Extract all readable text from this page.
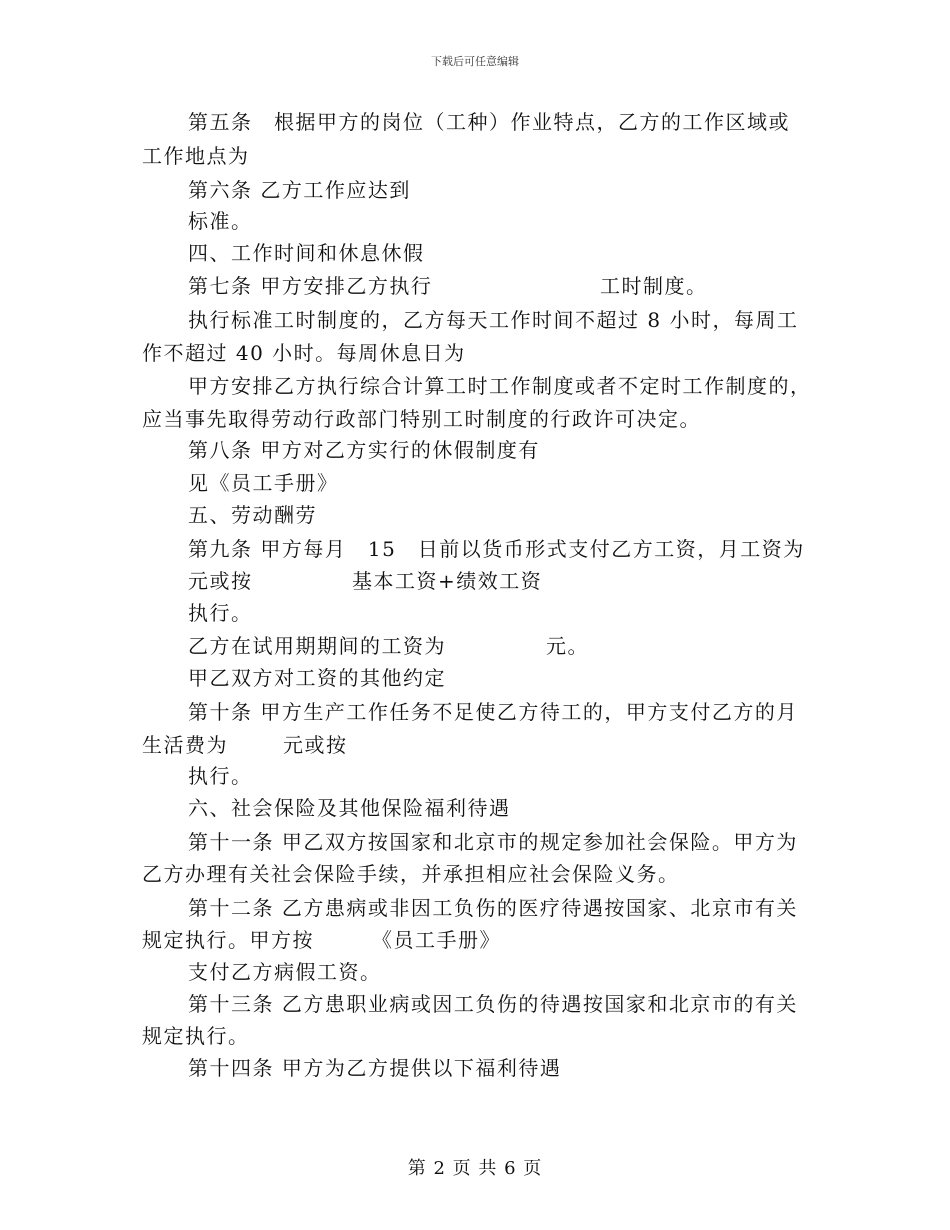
下载后可任意编辑
第五条　根据甲方的岗位（工种）作业特点，乙方的工作区域或
工作地点为
第六条 乙方工作应达到
标准。
四、工作时间和休息休假
第七条 甲方安排乙方执行	工时制度。
执行标准工时制度的，乙方每天工作时间不超过 8 小时，每周工
作不超过 40 小时。每周休息日为
甲方安排乙方执行综合计算工时工作制度或者不定时工作制度的，
应当事先取得劳动行政部门特别工时制度的行政许可决定。
第八条 甲方对乙方实行的休假制度有
见《员工手册》
五、劳动酬劳
第九条 甲方每月　15　日前以货币形式支付乙方工资，月工资为
元或按	基本工资+绩效工资
执行。
乙方在试用期期间的工资为	元。
甲乙双方对工资的其他约定
第十条 甲方生产工作任务不足使乙方待工的，甲方支付乙方的月
生活费为	元或按
执行。
六、社会保险及其他保险福利待遇
第十一条 甲乙双方按国家和北京市的规定参加社会保险。甲方为
乙方办理有关社会保险手续，并承担相应社会保险义务。
第十二条 乙方患病或非因工负伤的医疗待遇按国家、北京市有关
规定执行。甲方按	《员工手册》
支付乙方病假工资。
第十三条 乙方患职业病或因工负伤的待遇按国家和北京市的有关
规定执行。
第十四条 甲方为乙方提供以下福利待遇
第 2 页 共 6 页
